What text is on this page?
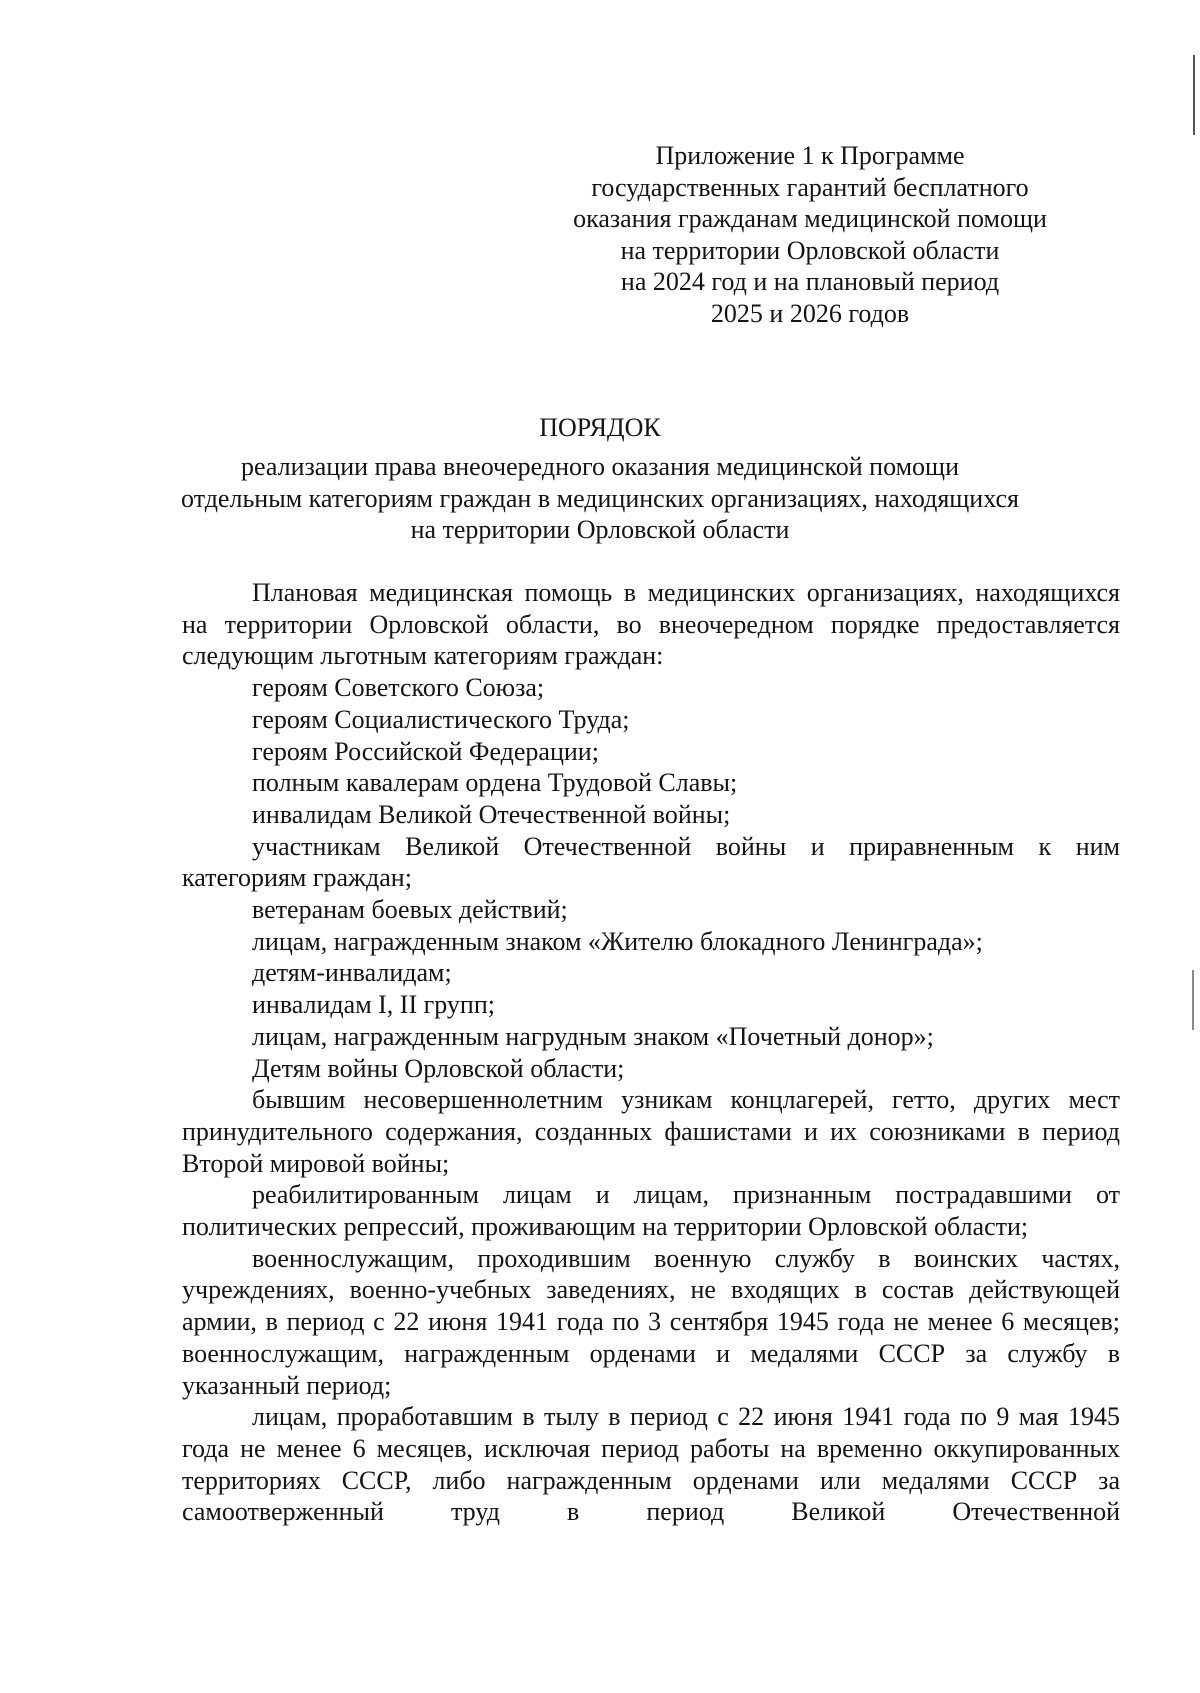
Приложение 1 к Программе
государственных гарантий бесплатного
оказания гражданам медицинской помощи
на территории Орловской области
на 2024 год и на плановый период
2025 и 2026 годов
ПОРЯДОК
реализации права внеочередного оказания медицинской помощи
отдельным категориям граждан в медицинских организациях, находящихся
на территории Орловской области

Плановая медицинская помощь в медицинских организациях, находящихся на территории Орловской области, во внеочередном порядке предоставляется следующим льготным категориям граждан:

героям Советского Союза;

героям Социалистического Труда;

героям Российской Федерации;

полным кавалерам ордена Трудовой Славы;

инвалидам Великой Отечественной войны;

участникам Великой Отечественной войны и приравненным к ним категориям граждан;

ветеранам боевых действий;

лицам, награжденным знаком «Жителю блокадного Ленинграда»;

детям-инвалидам;

инвалидам I, II групп;

лицам, награжденным нагрудным знаком «Почетный донор»;

Детям войны Орловской области;

бывшим несовершеннолетним узникам концлагерей, гетто, других мест принудительного содержания, созданных фашистами и их союзниками в период Второй мировой войны;

реабилитированным лицам и лицам, признанным пострадавшими от политических репрессий, проживающим на территории Орловской области;

военнослужащим, проходившим военную службу в воинских частях, учреждениях, военно-учебных заведениях, не входящих в состав действующей армии, в период с 22 июня 1941 года по 3 сентября 1945 года не менее 6 месяцев; военнослужащим, награжденным орденами и медалями СССР за службу в указанный период;

лицам, проработавшим в тылу в период с 22 июня 1941 года по 9 мая 1945 года не менее 6 месяцев, исключая период работы на временно оккупированных территориях СССР, либо награжденным орденами или медалями СССР за самоотверженный труд в период Великой Отечественной
